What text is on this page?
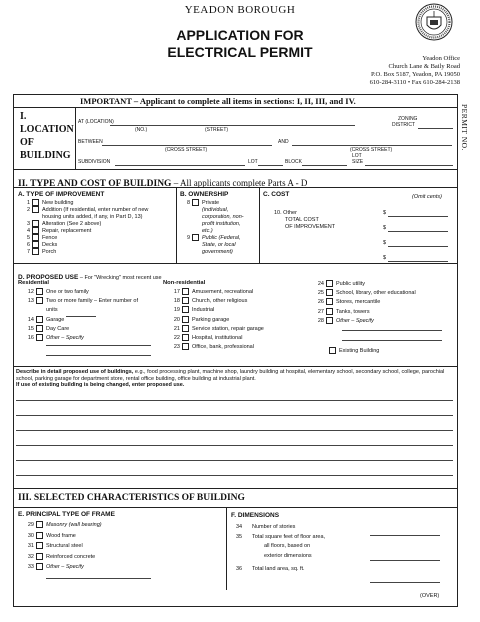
YEADON BOROUGH
APPLICATION FOR
ELECTRICAL PERMIT	Yeadon Office
Church Lane & Baily Road
P.O. Box 5187, Yeadon, PA 19050
610-284-3110 • Fax 610-284-2138
PERMIT NO.
IMPORTANT – Applicant to complete all items in sections: I, II, III, and IV.
I.
LOCATION
OF
BUILDING
AT (LOCATION)
(NO.)	(STREET)
ZONING
DISTRICT
BETWEEN
(CROSS STREET)
AND
(CROSS STREET)
SUBDIVISION	LOT	BLOCK
LOT
SIZE
II. TYPE AND COST OF BUILDING – All applicants complete Parts A - D
A. TYPE OF IMPROVEMENT
1 New building
2 Addition (If residential, enter number of new
housing units added, if any, in Part D, 13)
3 Alteration (See 2 above)
4 Repair, replacement
5 Fence
6 Decks
7 Porch
B. OWNERSHIP
8 Private
(individual,
corporation, non-
profit institution,
etc.)
9 Public (Federal,
State, or local
government)
C. COST	(Omit cents)
10. Other
TOTAL COST
OF IMPROVEMENT
$
$
$
$
D. PROPOSED USE – For "Wrecking" most recent use
Residential	Non-residential
12 One or two family
13 Two or more family – Enter number of
units
14 Garage
15 Day Care
16 Other – Specify
17 Amusement, recreational
18 Church, other religious
19 Industrial
20 Parking garage
21 Service station, repair garage
22 Hospital, institutional
23 Office, bank, professional
24 Public utility
25 School, library, other educational
26 Stores, mercantile
27 Tanks, towers
28 Other – Specify
Existing Building
Describe in detail proposed use of buildings, e.g., food processing plant, machine shop, laundry building at hospital, elementary school, secondary school, college, parochial school, parking garage for department store, rental office building, office building at industrial plant.
If use of existing building is being changed, enter proposed use.
III. SELECTED CHARACTERISTICS OF BUILDING
E. PRINCIPAL TYPE OF FRAME
29 Masonry (wall bearing)
30 Wood frame
31 Structural steel
32 Reinforced concrete
33 Other – Specify
F. DIMENSIONS
34 Number of stories
35 Total square feet of floor area,
all floors, based on
exterior dimensions
36 Total land area, sq. ft.
(OVER)
